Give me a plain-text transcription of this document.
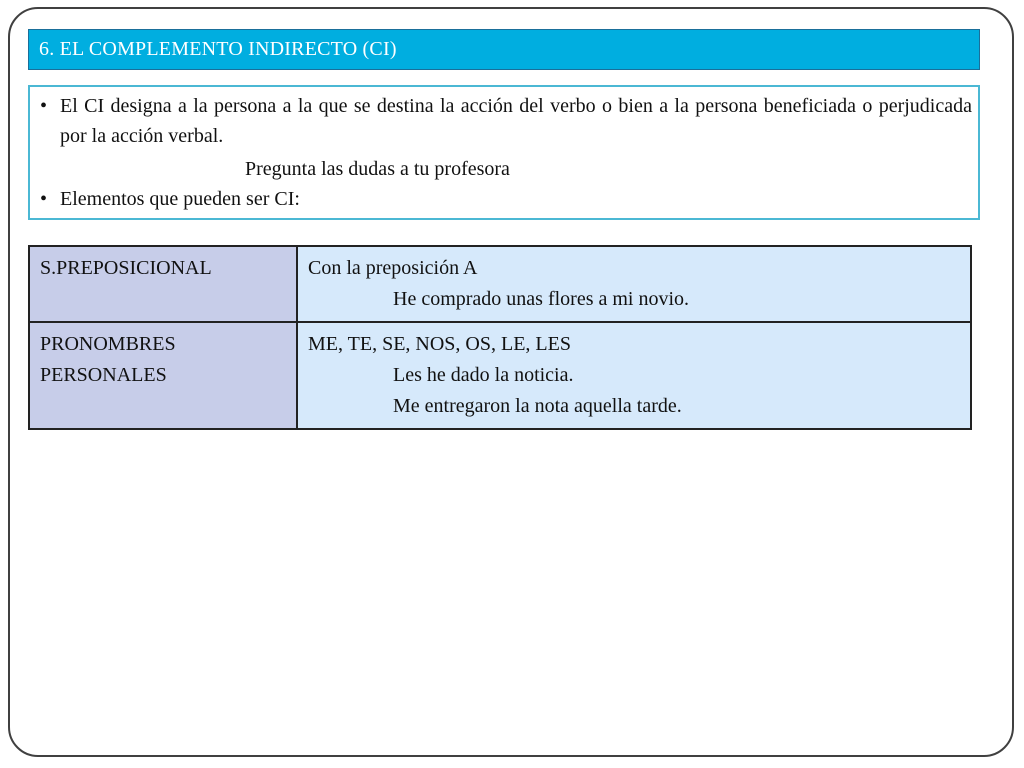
6. EL COMPLEMENTO INDIRECTO (CI)
• El CI designa a la persona a la que se destina la acción del verbo o bien a la persona beneficiada o perjudicada por la acción verbal.
Pregunta las dudas a tu profesora
• Elementos que pueden ser CI:
S.PREPOSICIONAL	Con la preposición A
He comprado unas flores a mi novio.

PRONOMBRES
PERSONALES	ME, TE, SE, NOS, OS, LE, LES
Les he dado la noticia.
Me entregaron la nota aquella tarde.
